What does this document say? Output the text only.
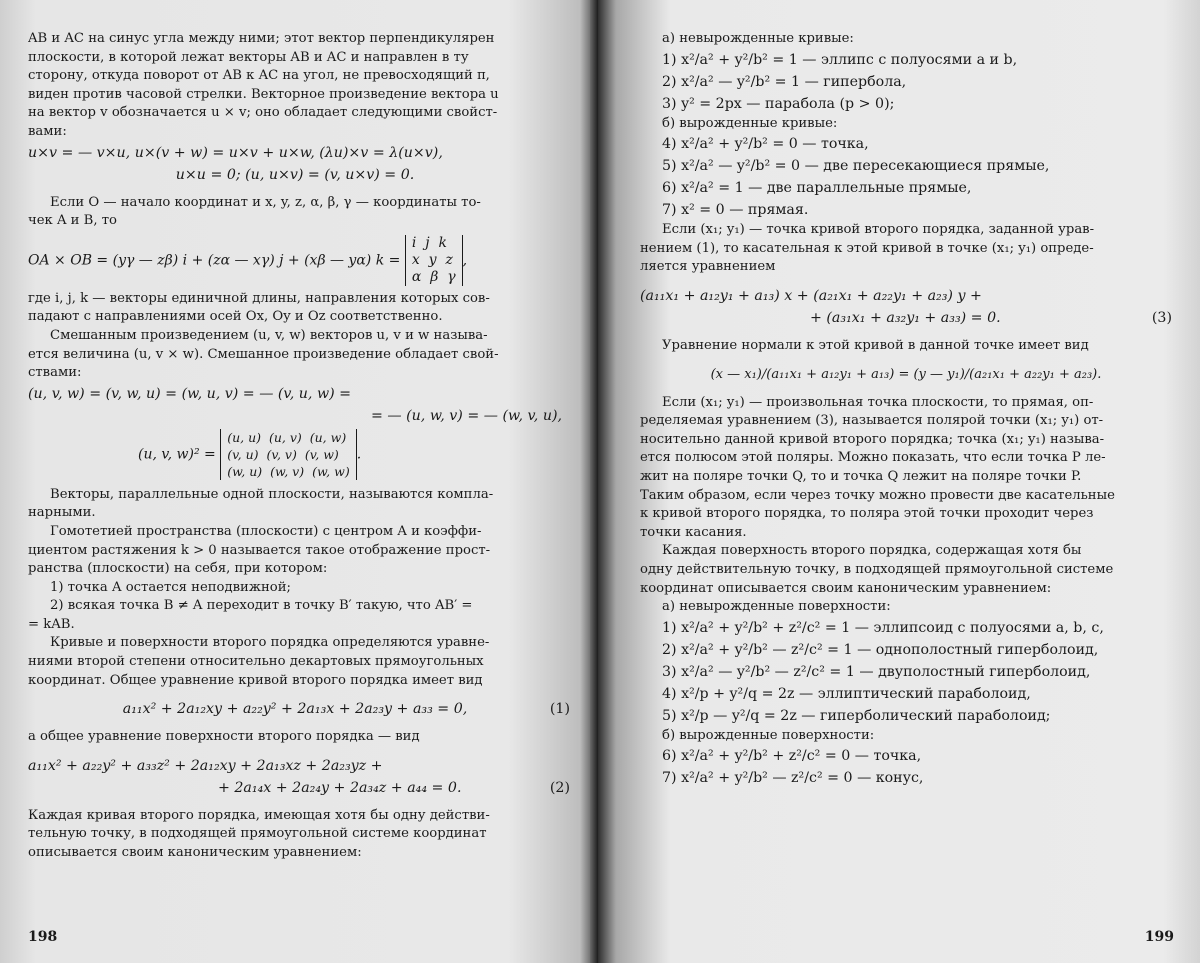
AB и AC на синус угла между ними; этот вектор перпендикулярен
плоскости, в которой лежат векторы AB и AC и направлен в ту
сторону, откуда поворот от AB к AC на угол, не превосходящий π,
виден против часовой стрелки. Векторное произведение вектора u
на вектор v обозначается u × v; оно обладает следующими свойст-
вами:
u×v = — v×u, u×(v + w) = u×v + u×w, (λu)×v = λ(u×v),
u×u = 0; (u, u×v) = (v, u×v) = 0.
Если O — начало координат и x, y, z, α, β, γ — координаты то-
чек A и B, то
OA × OB = (yγ — zβ) i + (zα — xγ) j + (xβ — yα) k = i j k
x y z
α β γ,
где i, j, k — векторы единичной длины, направления которых сов-
падают с направлениями осей Ox, Oy и Oz соответственно.
Смешанным произведением (u, v, w) векторов u, v и w называ-
ется величина (u, v × w). Смешанное произведение обладает свой-
ствами:
(u, v, w) = (v, w, u) = (w, u, v) = — (v, u, w) =
= — (u, w, v) = — (w, v, u),
(u, v, w)² = (u, u) (u, v) (u, w)
(v, u) (v, v) (v, w)
(w, u) (w, v) (w, w).
Векторы, параллельные одной плоскости, называются компла-
нарными.
Гомотетией пространства (плоскости) с центром A и коэффи-
циентом растяжения k > 0 называется такое отображение прост-
ранства (плоскости) на себя, при котором:
1) точка A остается неподвижной;
2) всякая точка B ≠ A переходит в точку B′ такую, что AB′ =
= kAB.
Кривые и поверхности второго порядка определяются уравне-
ниями второй степени относительно декартовых прямоугольных
координат. Общее уравнение кривой второго порядка имеет вид
a₁₁x² + 2a₁₂xy + a₂₂y² + 2a₁₃x + 2a₂₃y + a₃₃ = 0,	(1)
а общее уравнение поверхности второго порядка — вид
a₁₁x² + a₂₂y² + a₃₃z² + 2a₁₂xy + 2a₁₃xz + 2a₂₃yz +
+ 2a₁₄x + 2a₂₄y + 2a₃₄z + a₄₄ = 0.	(2)
Каждая кривая второго порядка, имеющая хотя бы одну действи-
тельную точку, в подходящей прямоугольной системе координат
описывается своим каноническим уравнением:
198
а) невырожденные кривые:
1) x²/a² + y²/b² = 1 — эллипс с полуосями a и b,
2) x²/a² — y²/b² = 1 — гипербола,
3) y² = 2px — парабола (p > 0);
б) вырожденные кривые:
4) x²/a² + y²/b² = 0 — точка,
5) x²/a² — y²/b² = 0 — две пересекающиеся прямые,
6) x²/a² = 1 — две параллельные прямые,
7) x² = 0 — прямая.
Если (x₁; y₁) — точка кривой второго порядка, заданной урав-
нением (1), то касательная к этой кривой в точке (x₁; y₁) опреде-
ляется уравнением
(a₁₁x₁ + a₁₂y₁ + a₁₃) x + (a₂₁x₁ + a₂₂y₁ + a₂₃) y +
+ (a₃₁x₁ + a₃₂y₁ + a₃₃) = 0.	(3)
Уравнение нормали к этой кривой в данной точке имеет вид
(x — x₁)/(a₁₁x₁ + a₁₂y₁ + a₁₃) = (y — y₁)/(a₂₁x₁ + a₂₂y₁ + a₂₃).
Если (x₁; y₁) — произвольная точка плоскости, то прямая, оп-
ределяемая уравнением (3), называется полярой точки (x₁; y₁) от-
носительно данной кривой второго порядка; точка (x₁; y₁) называ-
ется полюсом этой поляры. Можно показать, что если точка P ле-
жит на поляре точки Q, то и точка Q лежит на поляре точки P.
Таким образом, если через точку можно провести две касательные
к кривой второго порядка, то поляра этой точки проходит через
точки касания.
Каждая поверхность второго порядка, содержащая хотя бы
одну действительную точку, в подходящей прямоугольной системе
координат описывается своим каноническим уравнением:
а) невырожденные поверхности:
1) x²/a² + y²/b² + z²/c² = 1 — эллипсоид с полуосями a, b, c,
2) x²/a² + y²/b² — z²/c² = 1 — однополостный гиперболоид,
3) x²/a² — y²/b² — z²/c² = 1 — двуполостный гиперболоид,
4) x²/p + y²/q = 2z — эллиптический параболоид,
5) x²/p — y²/q = 2z — гиперболический параболоид;
б) вырожденные поверхности:
6) x²/a² + y²/b² + z²/c² = 0 — точка,
7) x²/a² + y²/b² — z²/c² = 0 — конус,
199
